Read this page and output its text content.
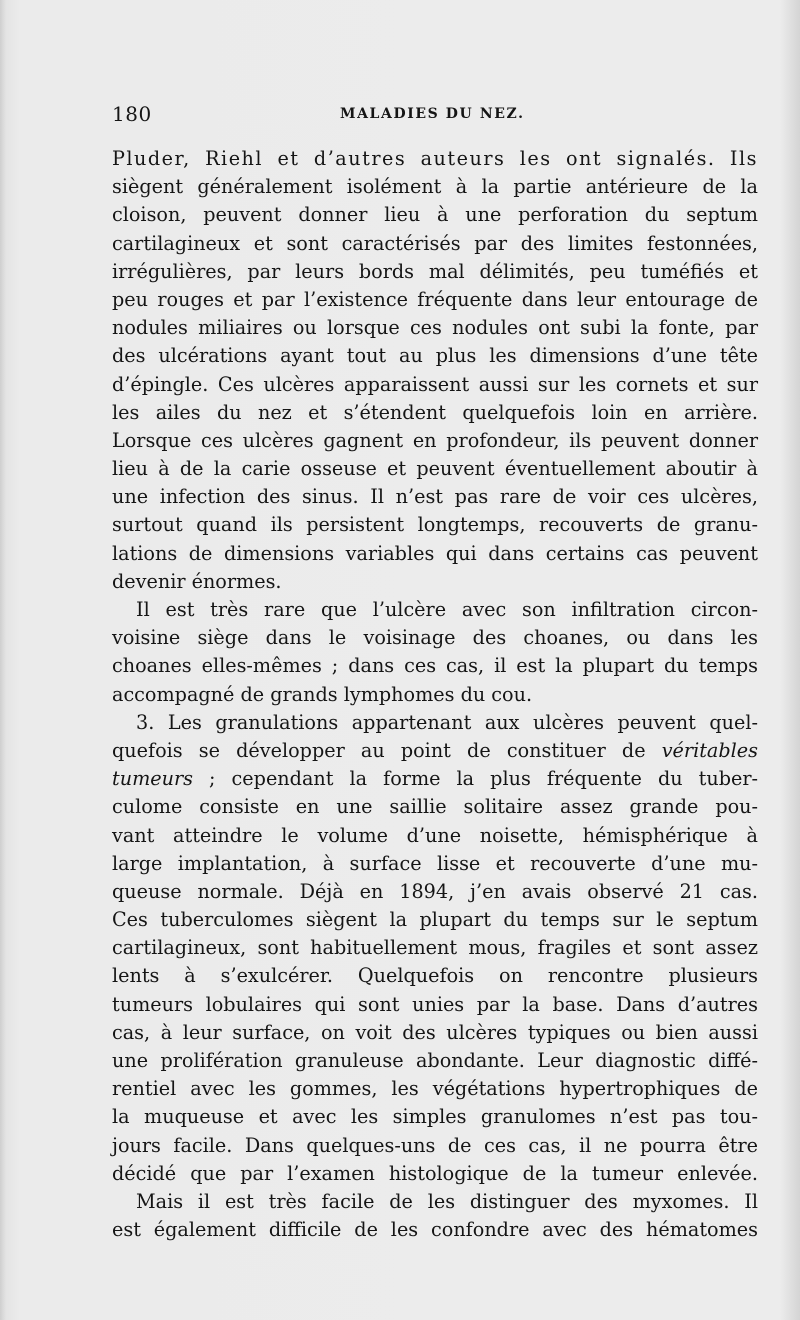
180	MALADIES DU NEZ.
Pluder, Riehl et d’autres auteurs les ont signalés. Ils
siègent généralement isolément à la partie antérieure de la
cloison, peuvent donner lieu à une perforation du septum
cartilagineux et sont caractérisés par des limites festonnées,
irrégulières, par leurs bords mal délimités, peu tuméfiés et
peu rouges et par l’existence fréquente dans leur entourage de
nodules miliaires ou lorsque ces nodules ont subi la fonte, par
des ulcérations ayant tout au plus les dimensions d’une tête
d’épingle. Ces ulcères apparaissent aussi sur les cornets et sur
les ailes du nez et s’étendent quelquefois loin en arrière.
Lorsque ces ulcères gagnent en profondeur, ils peuvent donner
lieu à de la carie osseuse et peuvent éventuellement aboutir à
une infection des sinus. Il n’est pas rare de voir ces ulcères,
surtout quand ils persistent longtemps, recouverts de granu-
lations de dimensions variables qui dans certains cas peuvent
devenir énormes.
Il est très rare que l’ulcère avec son infiltration circon-
voisine siège dans le voisinage des choanes, ou dans les
choanes elles-mêmes ; dans ces cas, il est la plupart du temps
accompagné de grands lymphomes du cou.
3. Les granulations appartenant aux ulcères peuvent quel-
quefois se développer au point de constituer de véritables
tumeurs ; cependant la forme la plus fréquente du tuber-
culome consiste en une saillie solitaire assez grande pou-
vant atteindre le volume d’une noisette, hémisphérique à
large implantation, à surface lisse et recouverte d’une mu-
queuse normale. Déjà en 1894, j’en avais observé 21 cas.
Ces tuberculomes siègent la plupart du temps sur le septum
cartilagineux, sont habituellement mous, fragiles et sont assez
lents à s’exulcérer. Quelquefois on rencontre plusieurs
tumeurs lobulaires qui sont unies par la base. Dans d’autres
cas, à leur surface, on voit des ulcères typiques ou bien aussi
une prolifération granuleuse abondante. Leur diagnostic diffé-
rentiel avec les gommes, les végétations hypertrophiques de
la muqueuse et avec les simples granulomes n’est pas tou-
jours facile. Dans quelques-uns de ces cas, il ne pourra être
décidé que par l’examen histologique de la tumeur enlevée.
Mais il est très facile de les distinguer des myxomes. Il
est également difficile de les confondre avec des hématomes
